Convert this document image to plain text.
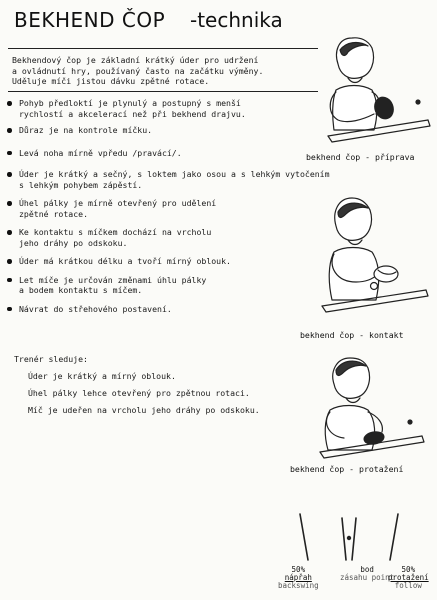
BEKHEND ČOP -technika

Bekhendový čop je základní krátký úder pro udržení

a ovládnutí hry, používaný často na začátku výměny.

Uděluje míči jistou dávku zpětné rotace.

Pohyb předloktí je plynulý a postupný s menší
rychlostí a akcelerací než při bekhend drajvu.
Důraz je na kontrole míčku.
Levá noha mírně vpředu /pravácí/.
Úder je krátký a sečný, s loktem jako osou a s lehkým vytočením
s lehkým pohybem zápěstí.
Úhel pálky je mírně otevřený pro udělení
zpětné rotace.
Ke kontaktu s míčkem dochází na vrcholu
jeho dráhy po odskoku.
Úder má krátkou délku a tvoří mírný oblouk.
Let míče je určován změnami úhlu pálky
a bodem kontaktu s míčem.
Návrat do střehového postavení.
Trenér sleduje:
Úder je krátký a mírný oblouk.
Úhel pálky lehce otevřený pro zpětnou rotaci.
Míč je udeřen na vrcholu jeho dráhy po odskoku.
bekhend čop - příprava
bekhend čop - kontakt
bekhend čop - protažení
50%
nápřah
backswing
bod
zásahu point
50%
protažení
follow
